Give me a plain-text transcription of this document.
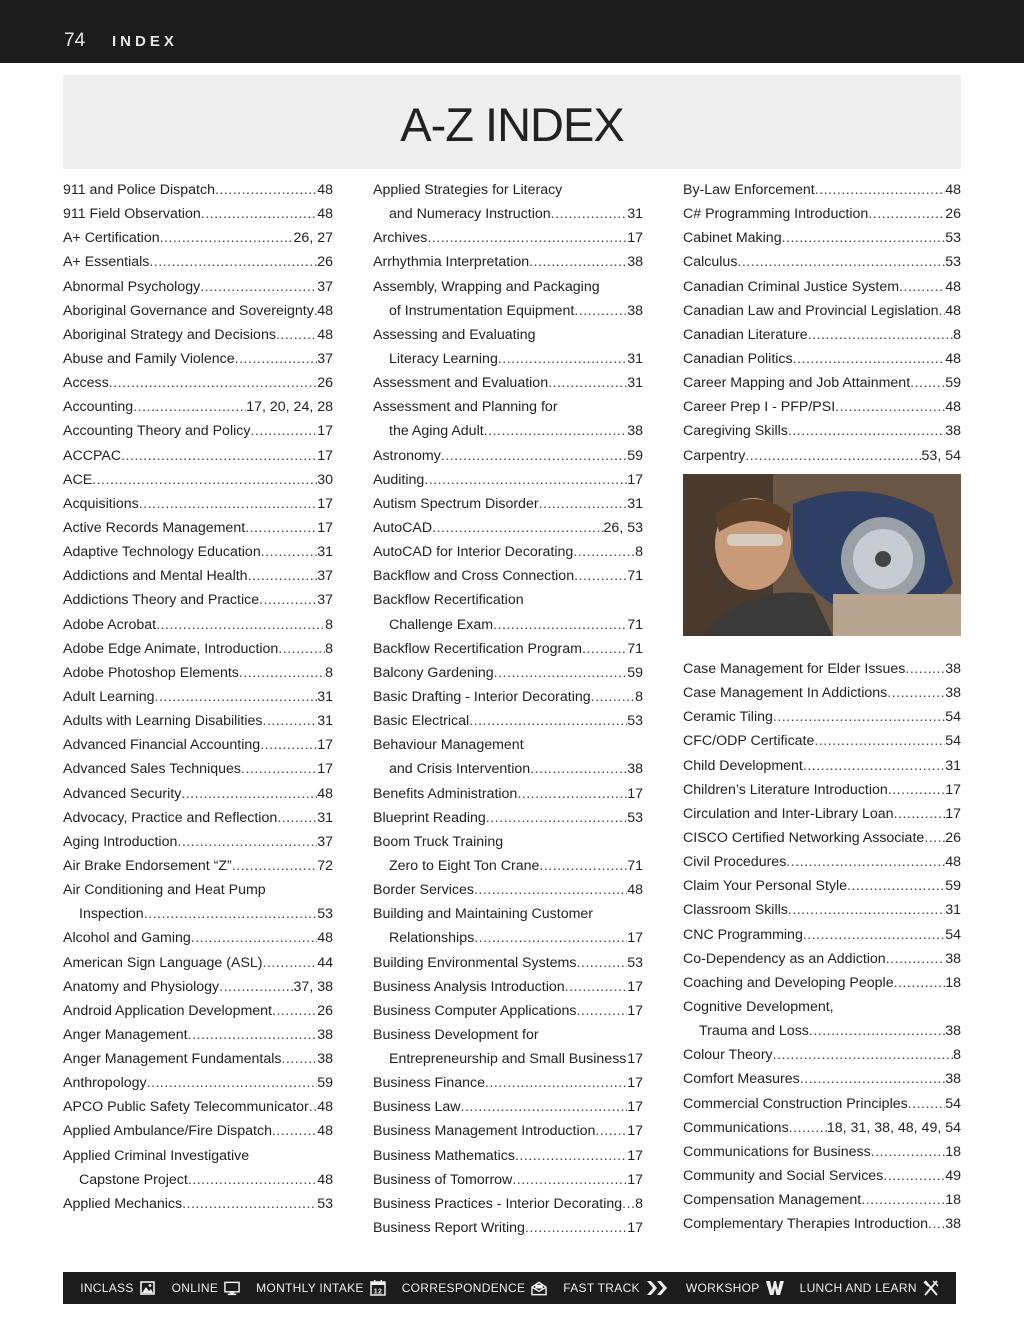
74 INDEX
A-Z INDEX
911 and Police Dispatch .....	48
911 Field Observation .....	48
A+ Certification .....	26, 27
A+ Essentials .....	26
Abnormal Psychology .....	37
Aboriginal Governance and Sovereignty ..... 48
Aboriginal Strategy and Decisions .....	48
Abuse and Family Violence .....	37
Access .....	26
Accounting .....	17, 20, 24, 28
Accounting Theory and Policy .....	17
ACCPAC .....	17
ACE .....	30
Acquisitions .....	17
Active Records Management .....	17
Adaptive Technology Education .....	31
Addictions and Mental Health .....	37
Addictions Theory and Practice .....	37
Adobe Acrobat .....	8
Adobe Edge Animate, Introduction .....	8
Adobe Photoshop Elements .....	8
Adult Learning .....	31
Adults with Learning Disabilities .....	31
Advanced Financial Accounting .....	17
Advanced Sales Techniques .....	17
Advanced Security .....	48
Advocacy, Practice and Reflection .....	31
Aging Introduction .....	37
Air Brake Endorsement “Z” .....	72
Air Conditioning and Heat Pump
Inspection .....	53
Alcohol and Gaming .....	48
American Sign Language (ASL) .....	44
Anatomy and Physiology .....	37, 38
Android Application Development .....	26
Anger Management .....	38
Anger Management Fundamentals .....	38
Anthropology .....	59
APCO Public Safety Telecommunicator ..... 48
Applied Ambulance/Fire Dispatch .....	48
Applied Criminal Investigative
Capstone Project .....	48
Applied Mechanics .....	53
Applied Strategies for Literacy
and Numeracy Instruction .....	31
Archives .....	17
Arrhythmia Interpretation .....	38
Assembly, Wrapping and Packaging
of Instrumentation Equipment .....	38
Assessing and Evaluating
Literacy Learning .....	31
Assessment and Evaluation .....	31
Assessment and Planning for
the Aging Adult .....	38
Astronomy .....	59
Auditing .....	17
Autism Spectrum Disorder .....	31
AutoCAD .....	26, 53
AutoCAD for Interior Decorating .....	8
Backflow and Cross Connection .....	71
Backflow Recertification
Challenge Exam .....	71
Backflow Recertification Program .....	71
Balcony Gardening .....	59
Basic Drafting - Interior Decorating .....	8
Basic Electrical .....	53
Behaviour Management
and Crisis Intervention .....	38
Benefits Administration .....	17
Blueprint Reading .....	53
Boom Truck Training
Zero to Eight Ton Crane .....	71
Border Services .....	48
Building and Maintaining Customer
Relationships .....	17
Building Environmental Systems .....	53
Business Analysis Introduction .....	17
Business Computer Applications .....	17
Business Development for
Entrepreneurship and Small Business ..... 17
Business Finance .....	17
Business Law .....	17
Business Management Introduction ..... 17
Business Mathematics .....	17
Business of Tomorrow .....	17
Business Practices - Interior Decorating ..... 8
Business Report Writing .....	17
By-Law Enforcement .....	48
C# Programming Introduction .....	26
Cabinet Making .....	53
Calculus .....	53
Canadian Criminal Justice System .....	48
Canadian Law and Provincial Legislation ..... 48
Canadian Literature .....	8
Canadian Politics .....	48
Career Mapping and Job Attainment ..... 59
Career Prep I - PFP/PSI .....	48
Caregiving Skills .....	38
Carpentry .....	53, 54
Case Management for Elder Issues .....	38
Case Management In Addictions .....	38
Ceramic Tiling .....	54
CFC/ODP Certificate .....	54
Child Development .....	31
Children’s Literature Introduction .....	17
Circulation and Inter-Library Loan .....	17
CISCO Certified Networking Associate ..... 26
Civil Procedures .....	48
Claim Your Personal Style .....	59
Classroom Skills .....	31
CNC Programming .....	54
Co-Dependency as an Addiction .....	38
Coaching and Developing People .....	18
Cognitive Development,
Trauma and Loss .....	38
Colour Theory .....	8
Comfort Measures .....	38
Commercial Construction Principles .....	54
Communications .....	18, 31, 38, 48, 49, 54
Communications for Business .....	18
Community and Social Services .....	49
Compensation Management .....	18
Complementary Therapies Introduction ..... 38
INCLASS	ONLINE	MONTHLY INTAKE 12 CORRESPONDENCE	FAST TRACK	WORKSHOP	LUNCH AND LEARN
